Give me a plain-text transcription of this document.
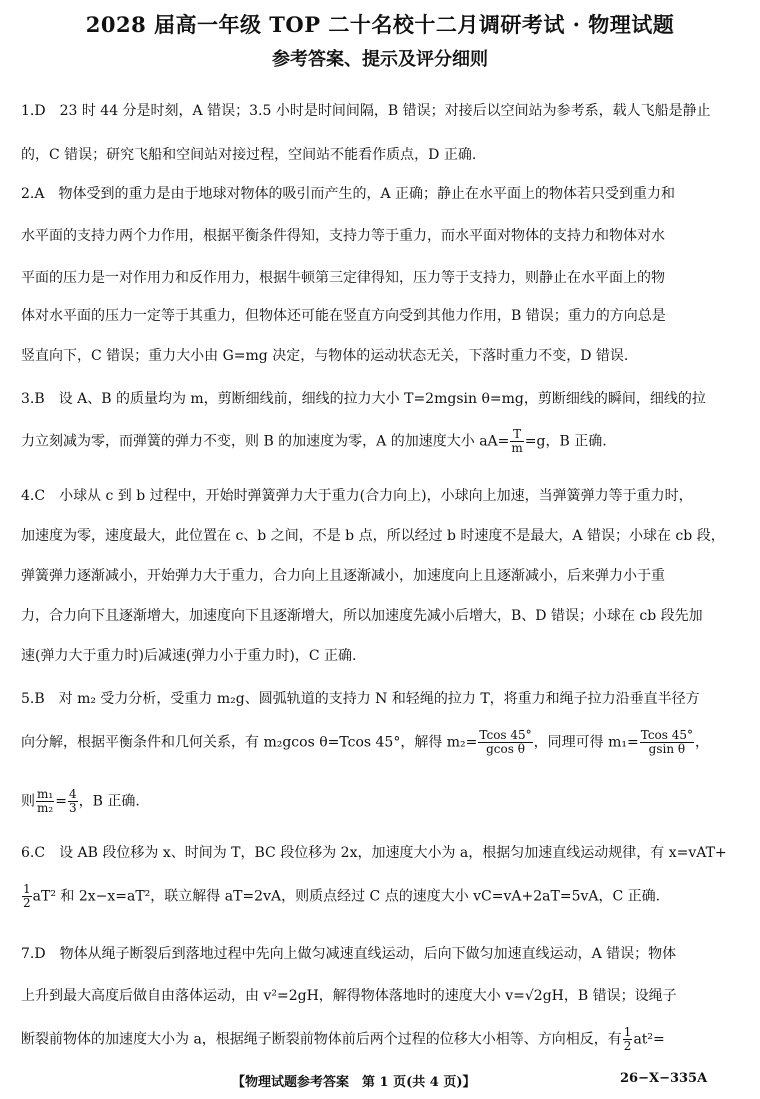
2028 届高一年级 TOP 二十名校十二月调研考试 · 物理试题
参考答案、提示及评分细则
1.D　23 时 44 分是时刻，A 错误；3.5 小时是时间间隔，B 错误；对接后以空间站为参考系，载人飞船是静止
的，C 错误；研究飞船和空间站对接过程，空间站不能看作质点，D 正确.
2.A　物体受到的重力是由于地球对物体的吸引而产生的，A 正确；静止在水平面上的物体若只受到重力和
水平面的支持力两个力作用，根据平衡条件得知，支持力等于重力，而水平面对物体的支持力和物体对水
平面的压力是一对作用力和反作用力，根据牛顿第三定律得知，压力等于支持力，则静止在水平面上的物
体对水平面的压力一定等于其重力，但物体还可能在竖直方向受到其他力作用，B 错误；重力的方向总是
竖直向下，C 错误；重力大小由 G=mg 决定，与物体的运动状态无关，下落时重力不变，D 错误.
3.B　设 A、B 的质量均为 m，剪断细线前，细线的拉力大小 T=2mgsin θ=mg，剪断细线的瞬间，细线的拉
力立刻减为零，而弹簧的弹力不变，则 B 的加速度为零，A 的加速度大小 $aA= \frac{T}{m} =g$，B 正确.
4.C　小球从 c 到 b 过程中，开始时弹簧弹力大于重力(合力向上)，小球向上加速，当弹簧弹力等于重力时，
加速度为零，速度最大，此位置在 c、b 之间，不是 b 点，所以经过 b 时速度不是最大，A 错误；小球在 cb 段，
弹簧弹力逐渐减小，开始弹力大于重力，合力向上且逐渐减小，加速度向上且逐渐减小，后来弹力小于重
力，合力向下且逐渐增大，加速度向下且逐渐增大，所以加速度先减小后增大，B、D 错误；小球在 cb 段先加
速(弹力大于重力时)后减速(弹力小于重力时)，C 正确.
5.B　对 m₂ 受力分析，受重力 m₂g、圆弧轨道的支持力 N 和轻绳的拉力 T，将重力和绳子拉力沿垂直半径方
向分解，根据平衡条件和几何关系，有 m₂gcos θ=Tcos 45°，解得 $m_2= \frac{Tcos 45^\circ}{\text{gcos θ}}$ ，同理可得 $m_1= \frac{Tcos 45^\circ}{\text{gsin θ}}$ ，
则 $\frac{\text{m₁}}{\text{m₂}} = \frac{4}{3}$ ，B 正确.
6.C　设 AB 段位移为 x、时间为 T，BC 段位移为 2x，加速度大小为 a，根据匀加速直线运动规律，有 x=vAT+
$\frac{1}{2} aT^2$ 和 2x−x=aT²，联立解得 aT=2vA，则质点经过 C 点的速度大小 vC=vA+2aT=5vA，C 正确.
7.D　物体从绳子断裂后到落地过程中先向上做匀减速直线运动，后向下做匀加速直线运动，A 错误；物体
上升到最大高度后做自由落体运动，由 v²=2gH，解得物体落地时的速度大小 v=√2gH，B 错误；设绳子
断裂前物体的加速度大小为 a，根据绳子断裂前物体前后两个过程的位移大小相等、方向相反，有 $\frac{1}{2} at^2=$
【物理试题参考答案　第 1 页(共 4 页)】	26−X−335A
